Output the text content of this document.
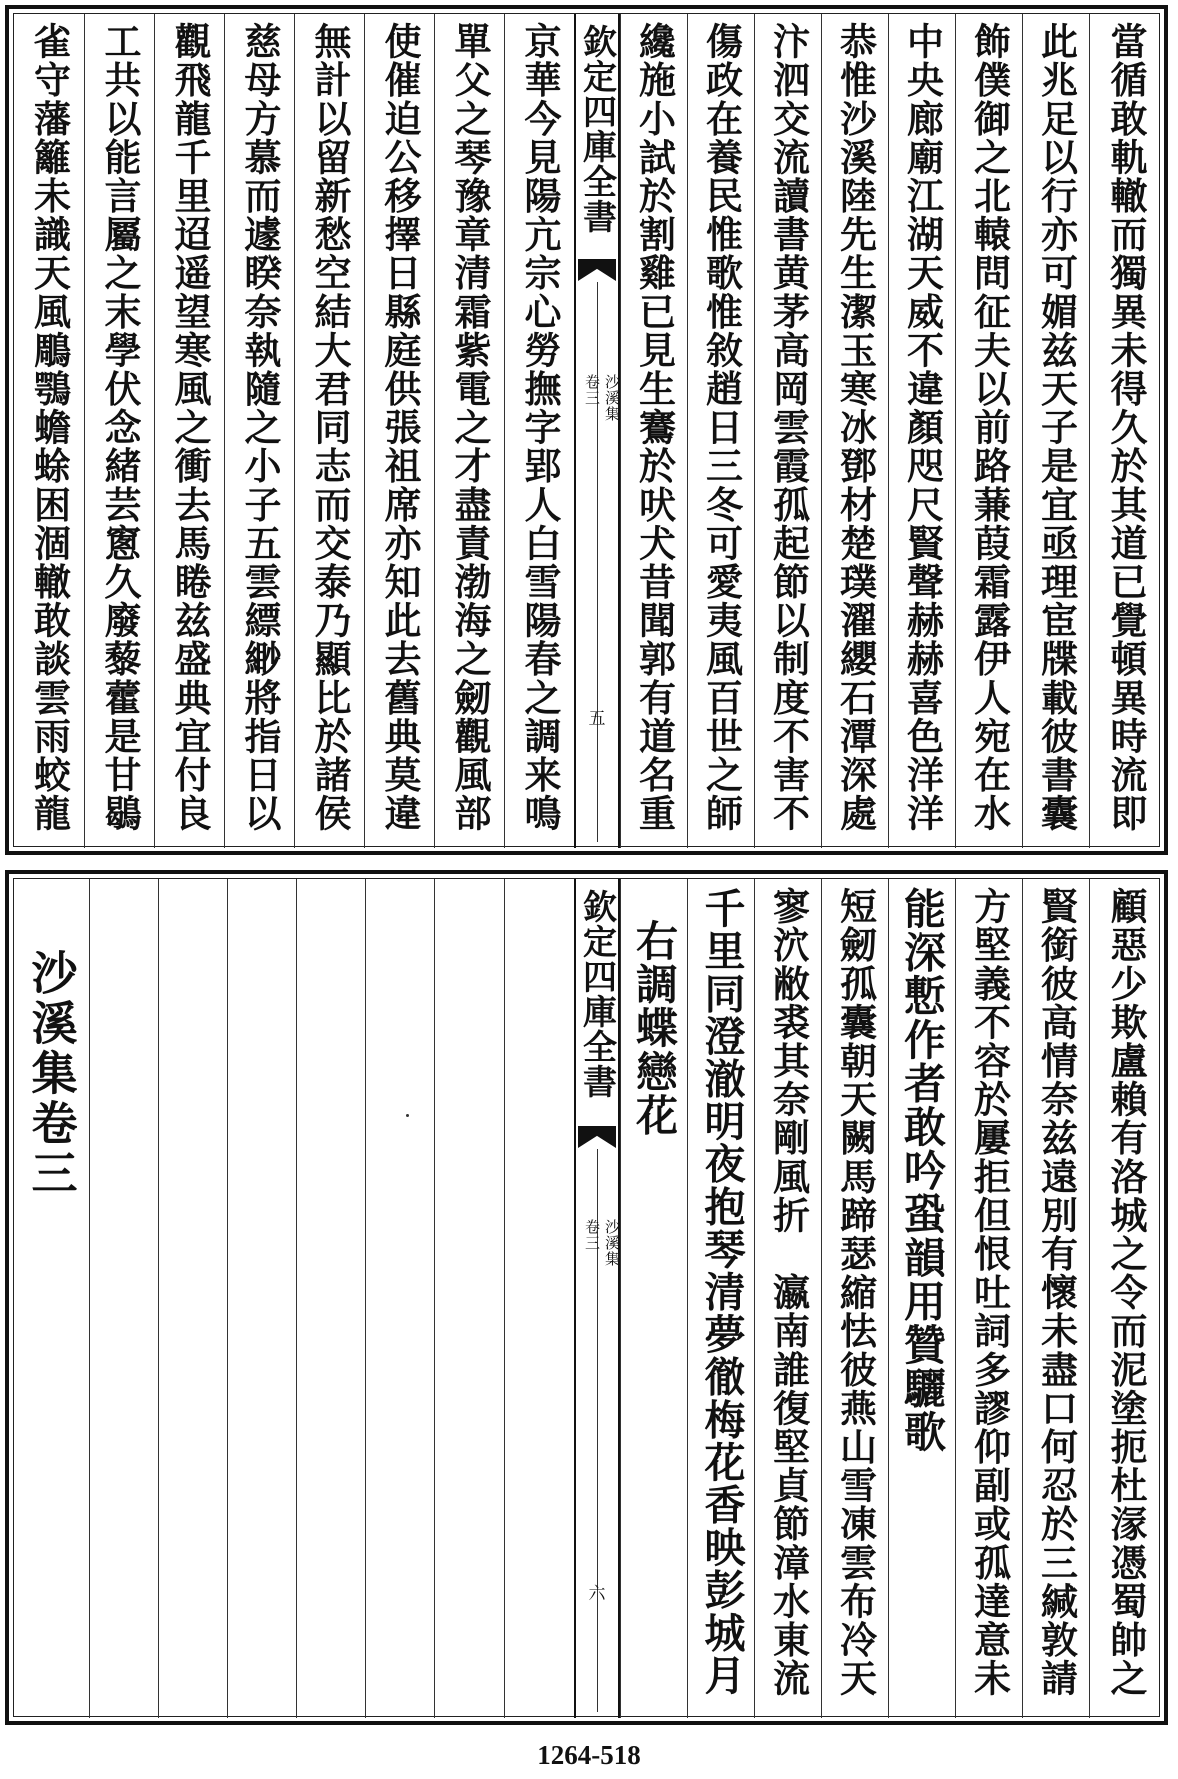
雀守藩籬未識天風鵰鶚蟾蜍困涸轍敢談雲雨蛟龍 工共以能言屬之末學伏念緒芸窻久廢藜藿是甘鶡 觀飛龍千里迢遥望寒風之衝去馬睠兹盛典宜付良 慈母方慕而遽睽奈執隨之小子五雲縹緲將指日以 無計以留新愁空結大君同志而交泰乃顯比於諸侯 使催迫公移擇日縣庭供張祖席亦知此去舊典莫違 單父之琴豫章清霜紫電之才盡責渤海之劒觀風部 京華今見陽亢宗心勞撫字郢人白雪陽春之調来鳴 欽定四庫全書
沙溪集
卷三
五 纔施小試於割雞已見生鶱於吠犬昔聞郭有道名重 傷政在養民惟歌惟敘趙日三冬可愛夷風百世之師 汴泗交流讀書黄茅高岡雲霞孤起節以制度不害不 恭惟沙溪陸先生潔玉寒冰鄧材楚璞濯纓石潭深處 中央廊廟江湖天威不違顏咫尺賢聲赫赫喜色洋洋 飾僕御之北轅問征夫以前路蒹葭霜露伊人宛在水 此兆足以行亦可媚兹天子是宜亟理宦牒載彼書囊 當循敢軌轍而獨異未得久於其道已覺頓異時流即
沙溪集卷三	欽定四庫全書
沙溪集
卷三
六
右調蝶戀花 千里同澄澈明夜抱琴清夢徹梅花香映彭城月 寥泬敝裘其奈剛風折　瀛南誰復堅貞節漳水東流 短劒孤囊朝天闕馬蹄瑟縮怯彼燕山雪凍雲布冷天 能深慙作者敢吟蛩韻用贊驪歌 方堅義不容於屢拒但恨吐詞多謬仰副或孤達意未 賢銜彼高情奈兹遠別有懷未盡口何忍於三緘敦請 顧惡少欺盧賴有洛城之令而泥塗扼杜溕憑蜀帥之
1264-518
